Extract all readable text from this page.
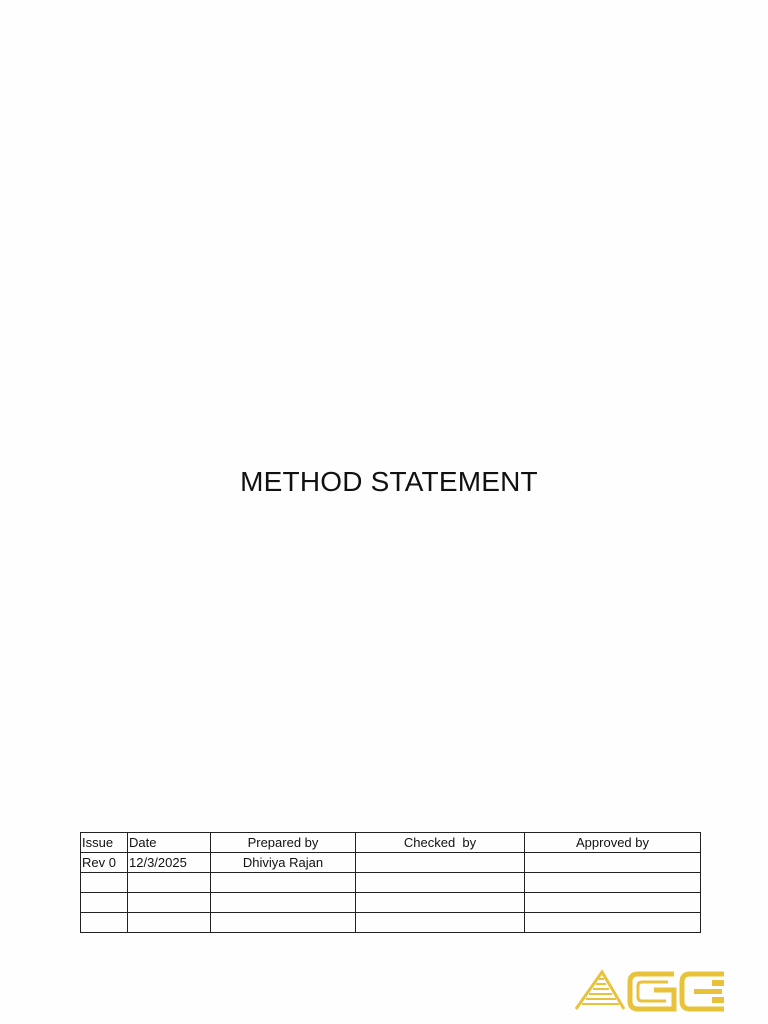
METHOD STATEMENT
Issue	Date	Prepared by	Checked  by	Approved by
Rev 0	12/3/2025	Dhiviya Rajan		
